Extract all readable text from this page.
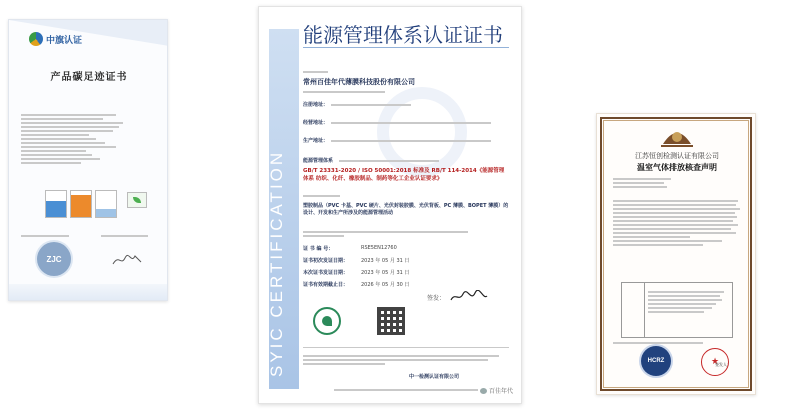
中旗认证
产品碳足迹证书

ZJC	SYIC CERTIFICATION
能源管理体系认证证书
常州百佳年代薄膜科技股份有限公司
注册地址：
经营地址：
生产地址：
能源管理体系
GB/T 23331-2020 / ISO 50001:2018 标准及 RB/T 114-2014《能源管理体系 纺织、化纤、橡胶制品、制药等化工企业认证要求》
塑胶制品（PVC 卡基、PVC 硬片、光伏封装胶膜、光伏背板、PC 薄膜、BOPET 薄膜）的设计、开发和生产所涉及的能源管理活动
证 书 编 号：	RSE5EN12760
证书初次发证日期：	2023 年 05 月 31 日
本次证书发证日期：	2023 年 05 月 31 日
证书有效期截止日：	2026 年 05 月 30 日
签发：
中一检测认证有限公司
百佳年代
江苏恒创检测认证有限公司
温室气体排放核查声明
HCRZ	★
签发人：
